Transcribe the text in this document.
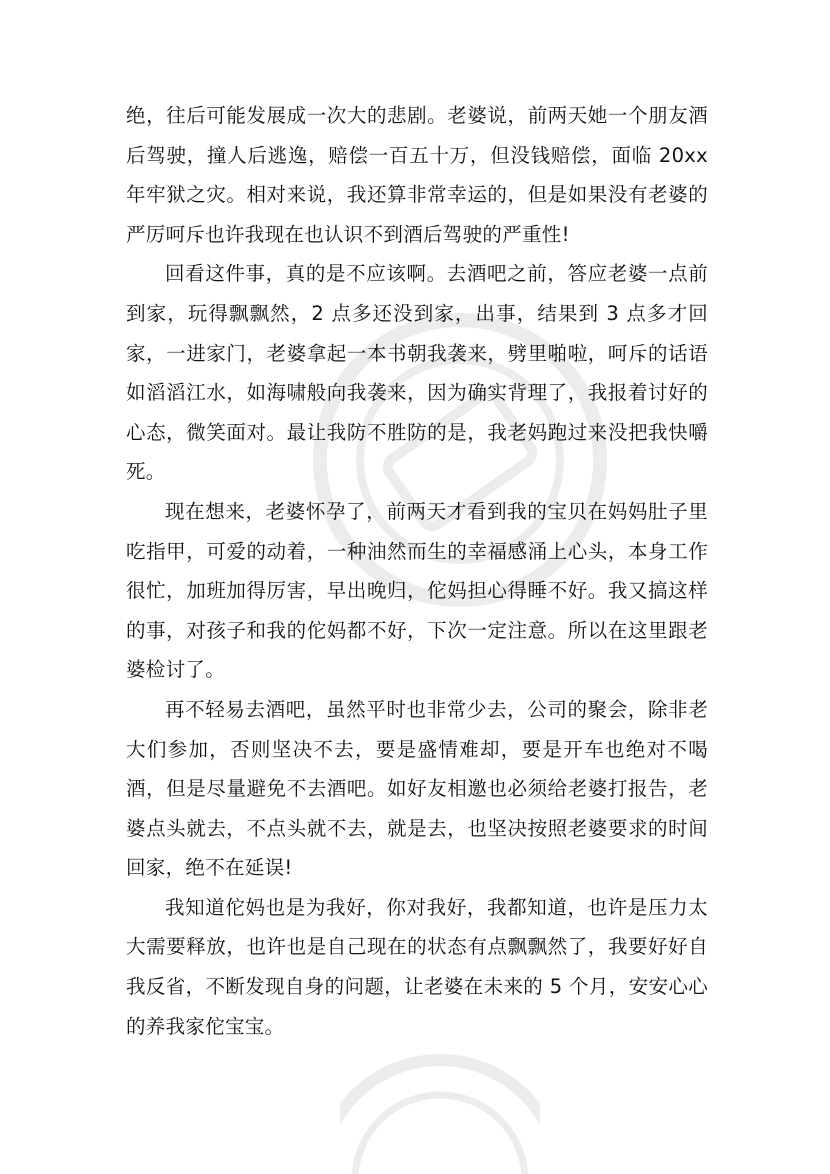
绝，往后可能发展成一次大的悲剧。老婆说，前两天她一个朋友酒后驾驶，撞人后逃逸，赔偿一百五十万，但没钱赔偿，面临 20xx 年牢狱之灾。相对来说，我还算非常幸运的，但是如果没有老婆的严厉呵斥也许我现在也认识不到酒后驾驶的严重性!

回看这件事，真的是不应该啊。去酒吧之前，答应老婆一点前到家，玩得飘飘然，2 点多还没到家，出事，结果到 3 点多才回家，一进家门，老婆拿起一本书朝我袭来，劈里啪啦，呵斥的话语如滔滔江水，如海啸般向我袭来，因为确实背理了，我报着讨好的心态，微笑面对。最让我防不胜防的是，我老妈跑过来没把我快嚼死。

现在想来，老婆怀孕了，前两天才看到我的宝贝在妈妈肚子里吃指甲，可爱的动着，一种油然而生的幸福感涌上心头，本身工作很忙，加班加得厉害，早出晚归，佗妈担心得睡不好。我又搞这样的事，对孩子和我的佗妈都不好，下次一定注意。所以在这里跟老婆检讨了。

再不轻易去酒吧，虽然平时也非常少去，公司的聚会，除非老大们参加，否则坚决不去，要是盛情难却，要是开车也绝对不喝酒，但是尽量避免不去酒吧。如好友相邀也必须给老婆打报告，老婆点头就去，不点头就不去，就是去，也坚决按照老婆要求的时间回家，绝不在延误!

我知道佗妈也是为我好，你对我好，我都知道，也许是压力太大需要释放，也许也是自己现在的状态有点飘飘然了，我要好好自我反省，不断发现自身的问题，让老婆在未来的 5 个月，安安心心的养我家佗宝宝。
